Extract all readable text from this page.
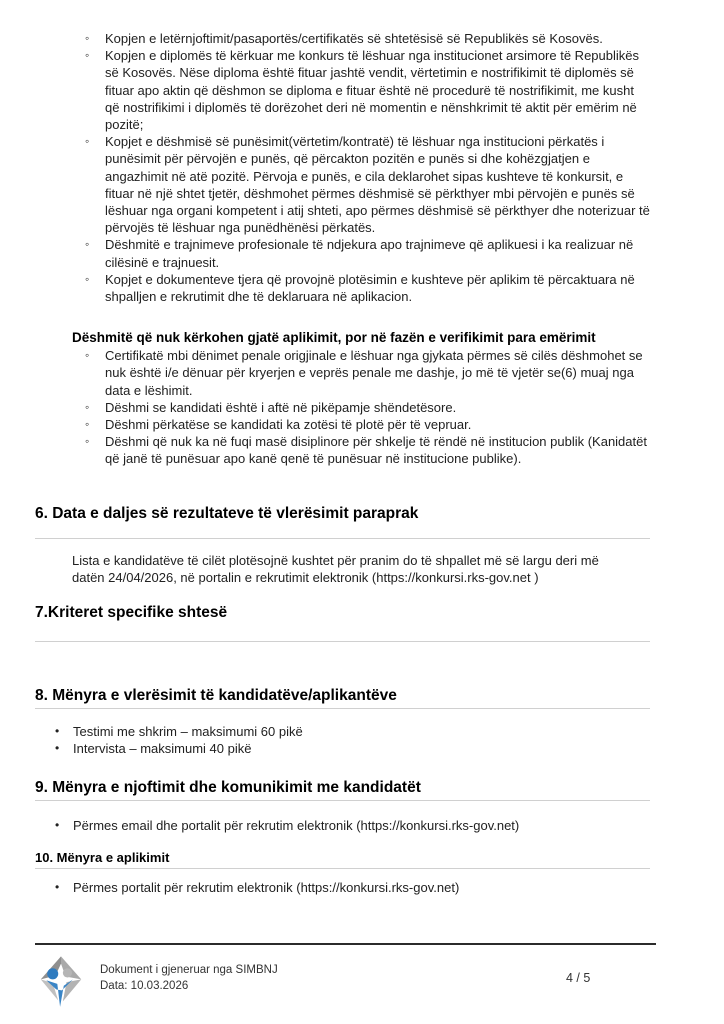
◦ Kopjen e letërnjoftimit/pasaportës/certifikatës së shtetësisë së Republikës së Kosovës.
◦ Kopjen e diplomës të kërkuar me konkurs të lëshuar nga institucionet arsimore të Republikës së Kosovës. Nëse diploma është fituar jashtë vendit, vërtetimin e nostrifikimit të diplomës së fituar apo aktin që dëshmon se diploma e fituar është në procedurë të nostrifikimit, me kusht që nostrifikimi i diplomës të dorëzohet deri në momentin e nënshkrimit të aktit për emërim në pozitë;
◦ Kopjet e dëshmisë së punësimit(vërtetim/kontratë) të lëshuar nga institucioni përkatës i punësimit për përvojën e punës, që përcakton pozitën e punës si dhe kohëzgjatjen e angazhimit në atë pozitë. Përvoja e punës, e cila deklarohet sipas kushteve të konkursit, e fituar në një shtet tjetër, dëshmohet përmes dëshmisë së përkthyer mbi përvojën e punës së lëshuar nga organi kompetent i atij shteti, apo përmes dëshmisë së përkthyer dhe noterizuar të përvojës të lëshuar nga punëdhënësi përkatës.
◦ Dëshmitë e trajnimeve profesionale të ndjekura apo trajnimeve që aplikuesi i ka realizuar në cilësinë e trajnuesit.
◦ Kopjet e dokumenteve tjera që provojnë plotësimin e kushteve për aplikim të përcaktuara në shpalljen e rekrutimit dhe të deklaruara në aplikacion.
Dëshmitë që nuk kërkohen gjatë aplikimit, por në fazën e verifikimit para emërimit
◦ Certifikatë mbi dënimet penale origjinale e lëshuar nga gjykata përmes së cilës dëshmohet se nuk është i/e dënuar për kryerjen e veprës penale me dashje, jo më të vjetër se(6) muaj nga data e lëshimit.
◦ Dëshmi se kandidati është i aftë në pikëpamje shëndetësore.
◦ Dëshmi përkatëse se kandidati ka zotësi të plotë për të vepruar.
◦ Dëshmi që nuk ka në fuqi masë disiplinore për shkelje të rëndë në institucion publik (Kanidatët që janë të punësuar apo kanë qenë të punësuar në institucione publike).
6. Data e daljes së rezultateve të vlerësimit paraprak

Lista e kandidatëve të cilët plotësojnë kushtet për pranim do të shpallet më së largu deri më datën 24/04/2026, në portalin e rekrutimit elektronik (https://konkursi.rks-gov.net )

7.Kriteret specifike shtesë
8. Mënyra e vlerësimit të kandidatëve/aplikantëve
• Testimi me shkrim – maksimumi 60 pikë
• Intervista – maksimumi 40 pikë
9. Mënyra e njoftimit dhe komunikimit me kandidatët
• Përmes email dhe portalit për rekrutim elektronik (https://konkursi.rks-gov.net)
10. Mënyra e aplikimit
• Përmes portalit për rekrutim elektronik (https://konkursi.rks-gov.net)
Dokument i gjeneruar nga SIMBNJ
Data: 10.03.2026
4 / 5
